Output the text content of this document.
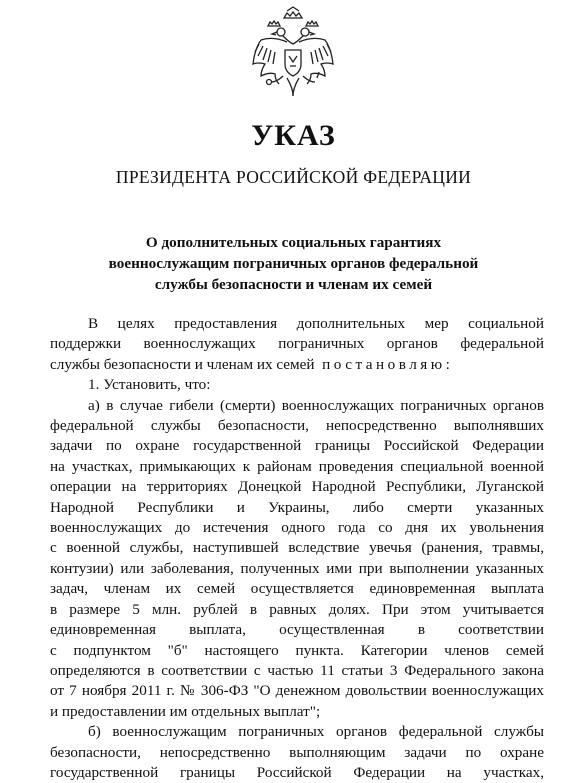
УКАЗ
ПРЕЗИДЕНТА РОССИЙСКОЙ ФЕДЕРАЦИИ
О дополнительных социальных гарантиях
военнослужащим пограничных органов федеральной
службы безопасности и членам их семей
В целях предоставления дополнительных мер социальной
поддержки военнослужащих пограничных органов федеральной
службы безопасности и членам их семей постановляю:
1. Установить, что:
а) в случае гибели (смерти) военнослужащих пограничных органов
федеральной службы безопасности, непосредственно выполнявших
задачи по охране государственной границы Российской Федерации
на участках, примыкающих к районам проведения специальной военной
операции на территориях Донецкой Народной Республики, Луганской
Народной Республики и Украины, либо смерти указанных
военнослужащих до истечения одного года со дня их увольнения
с военной службы, наступившей вследствие увечья (ранения, травмы,
контузии) или заболевания, полученных ими при выполнении указанных
задач, членам их семей осуществляется единовременная выплата
в размере 5 млн. рублей в равных долях. При этом учитывается
единовременная выплата, осуществленная в соответствии
с подпунктом "б" настоящего пункта. Категории членов семей
определяются в соответствии с частью 11 статьи 3 Федерального закона
от 7 ноября 2011 г. № 306-ФЗ "О денежном довольствии военнослужащих
и предоставлении им отдельных выплат";
б) военнослужащим пограничных органов федеральной службы
безопасности, непосредственно выполняющим задачи по охране
государственной границы Российской Федерации на участках,
